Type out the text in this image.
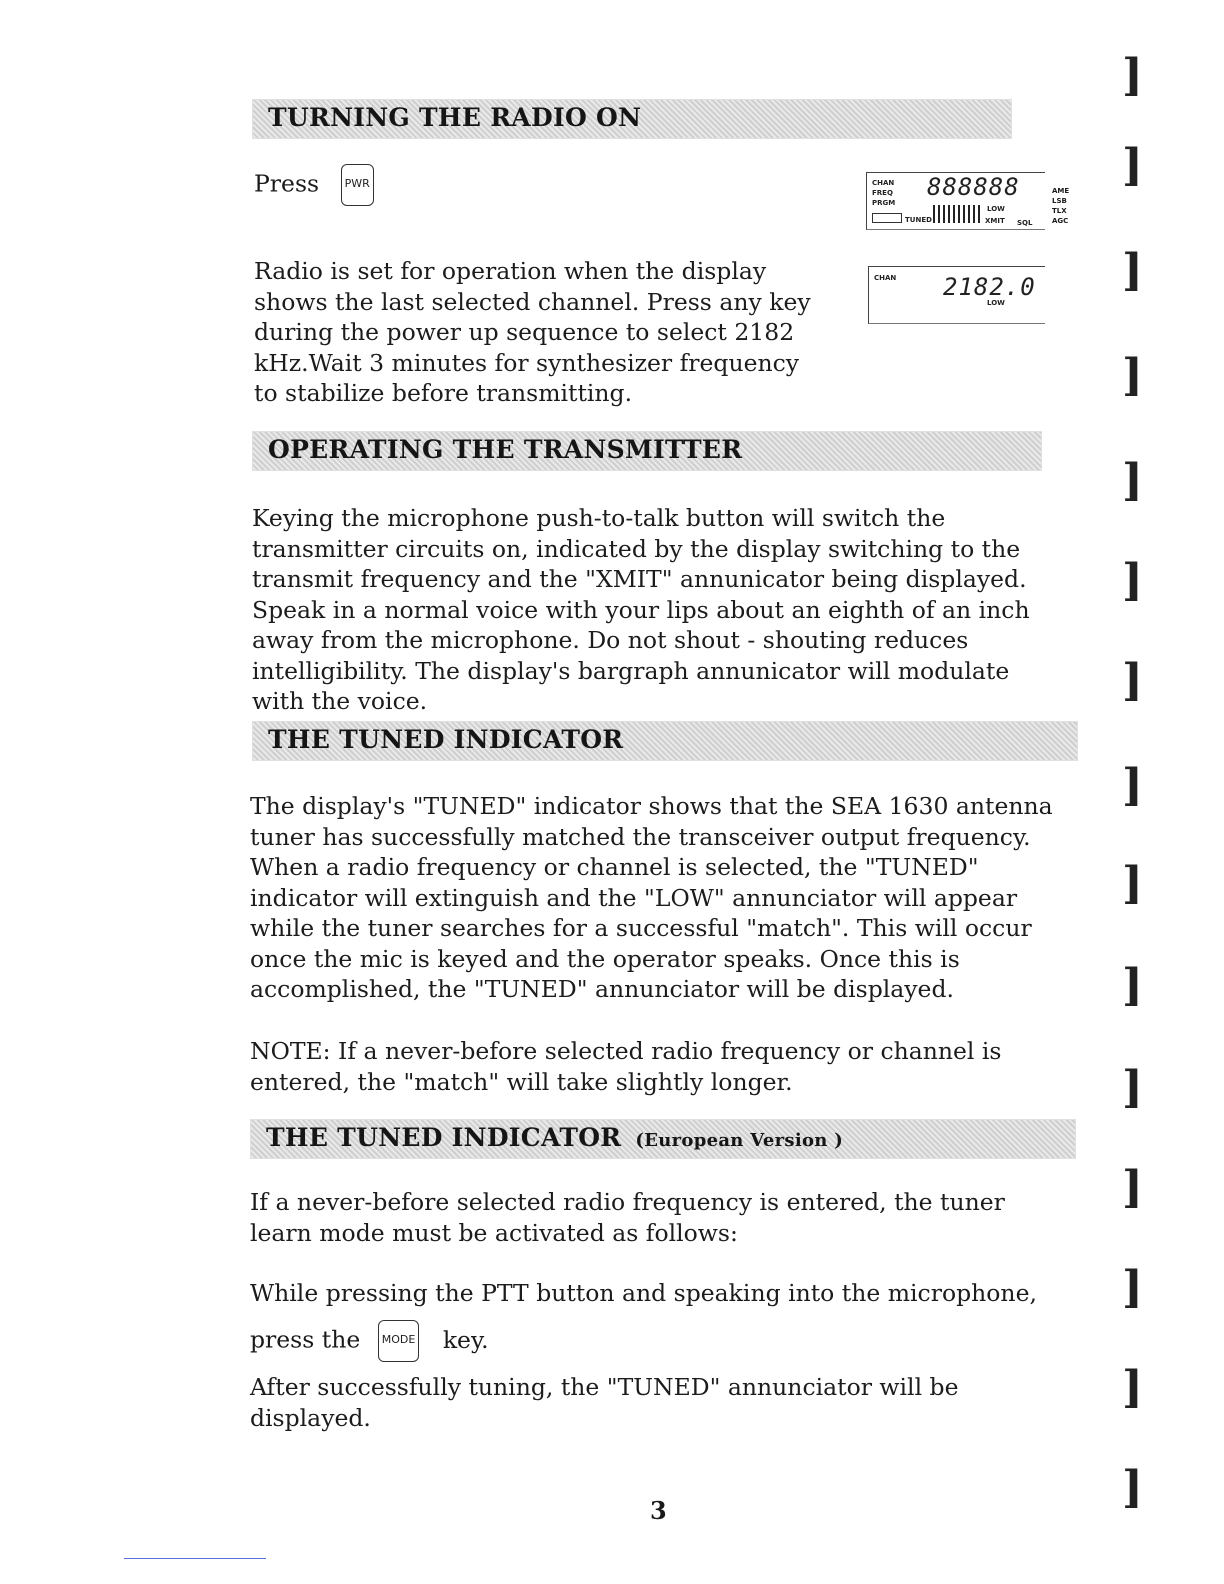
TURNING THE RADIO ON
Press PWR

Radio is set for operation when the display shows the last selected channel. Press any key during the power up sequence to select 2182 kHz.Wait 3 minutes for synthesizer frequency to stabilize before transmitting.

CHAN
FREQ
PRGM
888888
TUNED
LOW
XMIT SQL
AME
LSB
TLX
AGC
CHAN 2182.0
LOW
OPERATING THE TRANSMITTER

Keying the microphone push-to-talk button will switch the transmitter circuits on, indicated by the display switching to the transmit frequency and the "XMIT" annunicator being displayed. Speak in a normal voice with your lips about an eighth of an inch away from the microphone. Do not shout - shouting reduces intelligibility. The display's bargraph annunicator will modulate with the voice.

THE TUNED INDICATOR

The display's "TUNED" indicator shows that the SEA 1630 antenna tuner has successfully matched the transceiver output frequency. When a radio frequency or channel is selected, the "TUNED" indicator will extinguish and the "LOW" annunciator will appear while the tuner searches for a successful "match". This will occur once the mic is keyed and the operator speaks. Once this is accomplished, the "TUNED" annunciator will be displayed.

NOTE: If a never-before selected radio frequency or channel is entered, the "match" will take slightly longer.

THE TUNED INDICATOR (European Version )

If a never-before selected radio frequency is entered, the tuner learn mode must be activated as follows:

While pressing the PTT button and speaking into the microphone,

press the MODE key.

After successfully tuning, the "TUNED" annunciator will be displayed.

3
]
]
]
]
]
]
]
]
]
]
]
]
]
]
]
